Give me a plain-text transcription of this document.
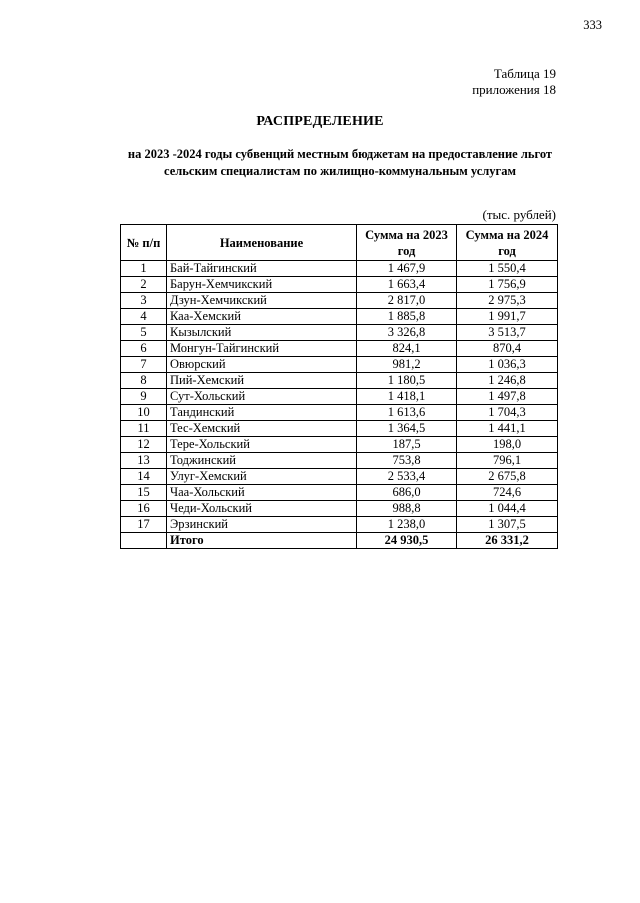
333
Таблица 19
приложения 18
РАСПРЕДЕЛЕНИЕ
на 2023 -2024 годы субвенций местным бюджетам на предоставление льгот сельским специалистам по жилищно-коммунальным услугам
(тыс. рублей)
№ п/п	Наименование	Сумма на 2023 год	Сумма на 2024 год
1	Бай-Тайгинский	1 467,9	1 550,4
2	Барун-Хемчикский	1 663,4	1 756,9
3	Дзун-Хемчикский	2 817,0	2 975,3
4	Каа-Хемский	1 885,8	1 991,7
5	Кызылский	3 326,8	3 513,7
6	Монгун-Тайгинский	824,1	870,4
7	Овюрский	981,2	1 036,3
8	Пий-Хемский	1 180,5	1 246,8
9	Сут-Хольский	1 418,1	1 497,8
10	Тандинский	1 613,6	1 704,3
11	Тес-Хемский	1 364,5	1 441,1
12	Тере-Хольский	187,5	198,0
13	Тоджинский	753,8	796,1
14	Улуг-Хемский	2 533,4	2 675,8
15	Чаа-Хольский	686,0	724,6
16	Чеди-Хольский	988,8	1 044,4
17	Эрзинский	1 238,0	1 307,5
	Итого	24 930,5	26 331,2
